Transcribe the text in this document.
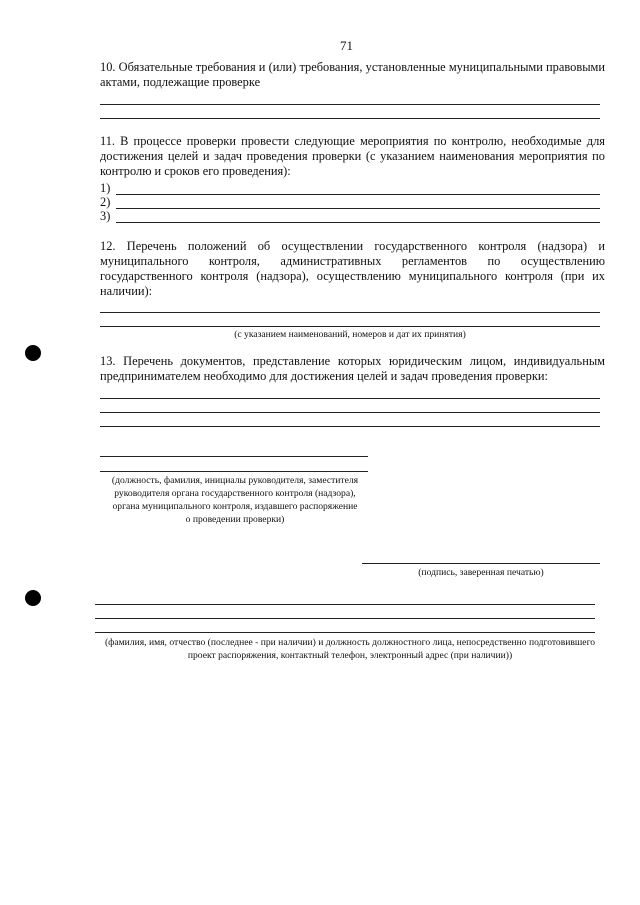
71
10. Обязательные требования и (или) требования, установленные муниципальными правовыми актами, подлежащие проверке
11. В процессе проверки провести следующие мероприятия по контролю, необходимые для достижения целей и задач проведения проверки (с указанием наименования мероприятия по контролю и сроков его проведения):
1)
2)
3)
12. Перечень положений об осуществлении государственного контроля (надзора) и муниципального контроля, административных регламентов по осуществлению государственного контроля (надзора), осуществлению муниципального контроля (при их наличии):
(с указанием наименований, номеров и дат их принятия)
13. Перечень документов, представление которых юридическим лицом, индивидуальным предпринимателем необходимо для достижения целей и задач проведения проверки:
(должность, фамилия, инициалы руководителя, заместителя руководителя органа государственного контроля (надзора), органа муниципального контроля, издавшего распоряжение о проведении проверки)
(подпись, заверенная печатью)
(фамилия, имя, отчество (последнее - при наличии) и должность должностного лица, непосредственно подготовившего проект распоряжения, контактный телефон, электронный адрес (при наличии))
